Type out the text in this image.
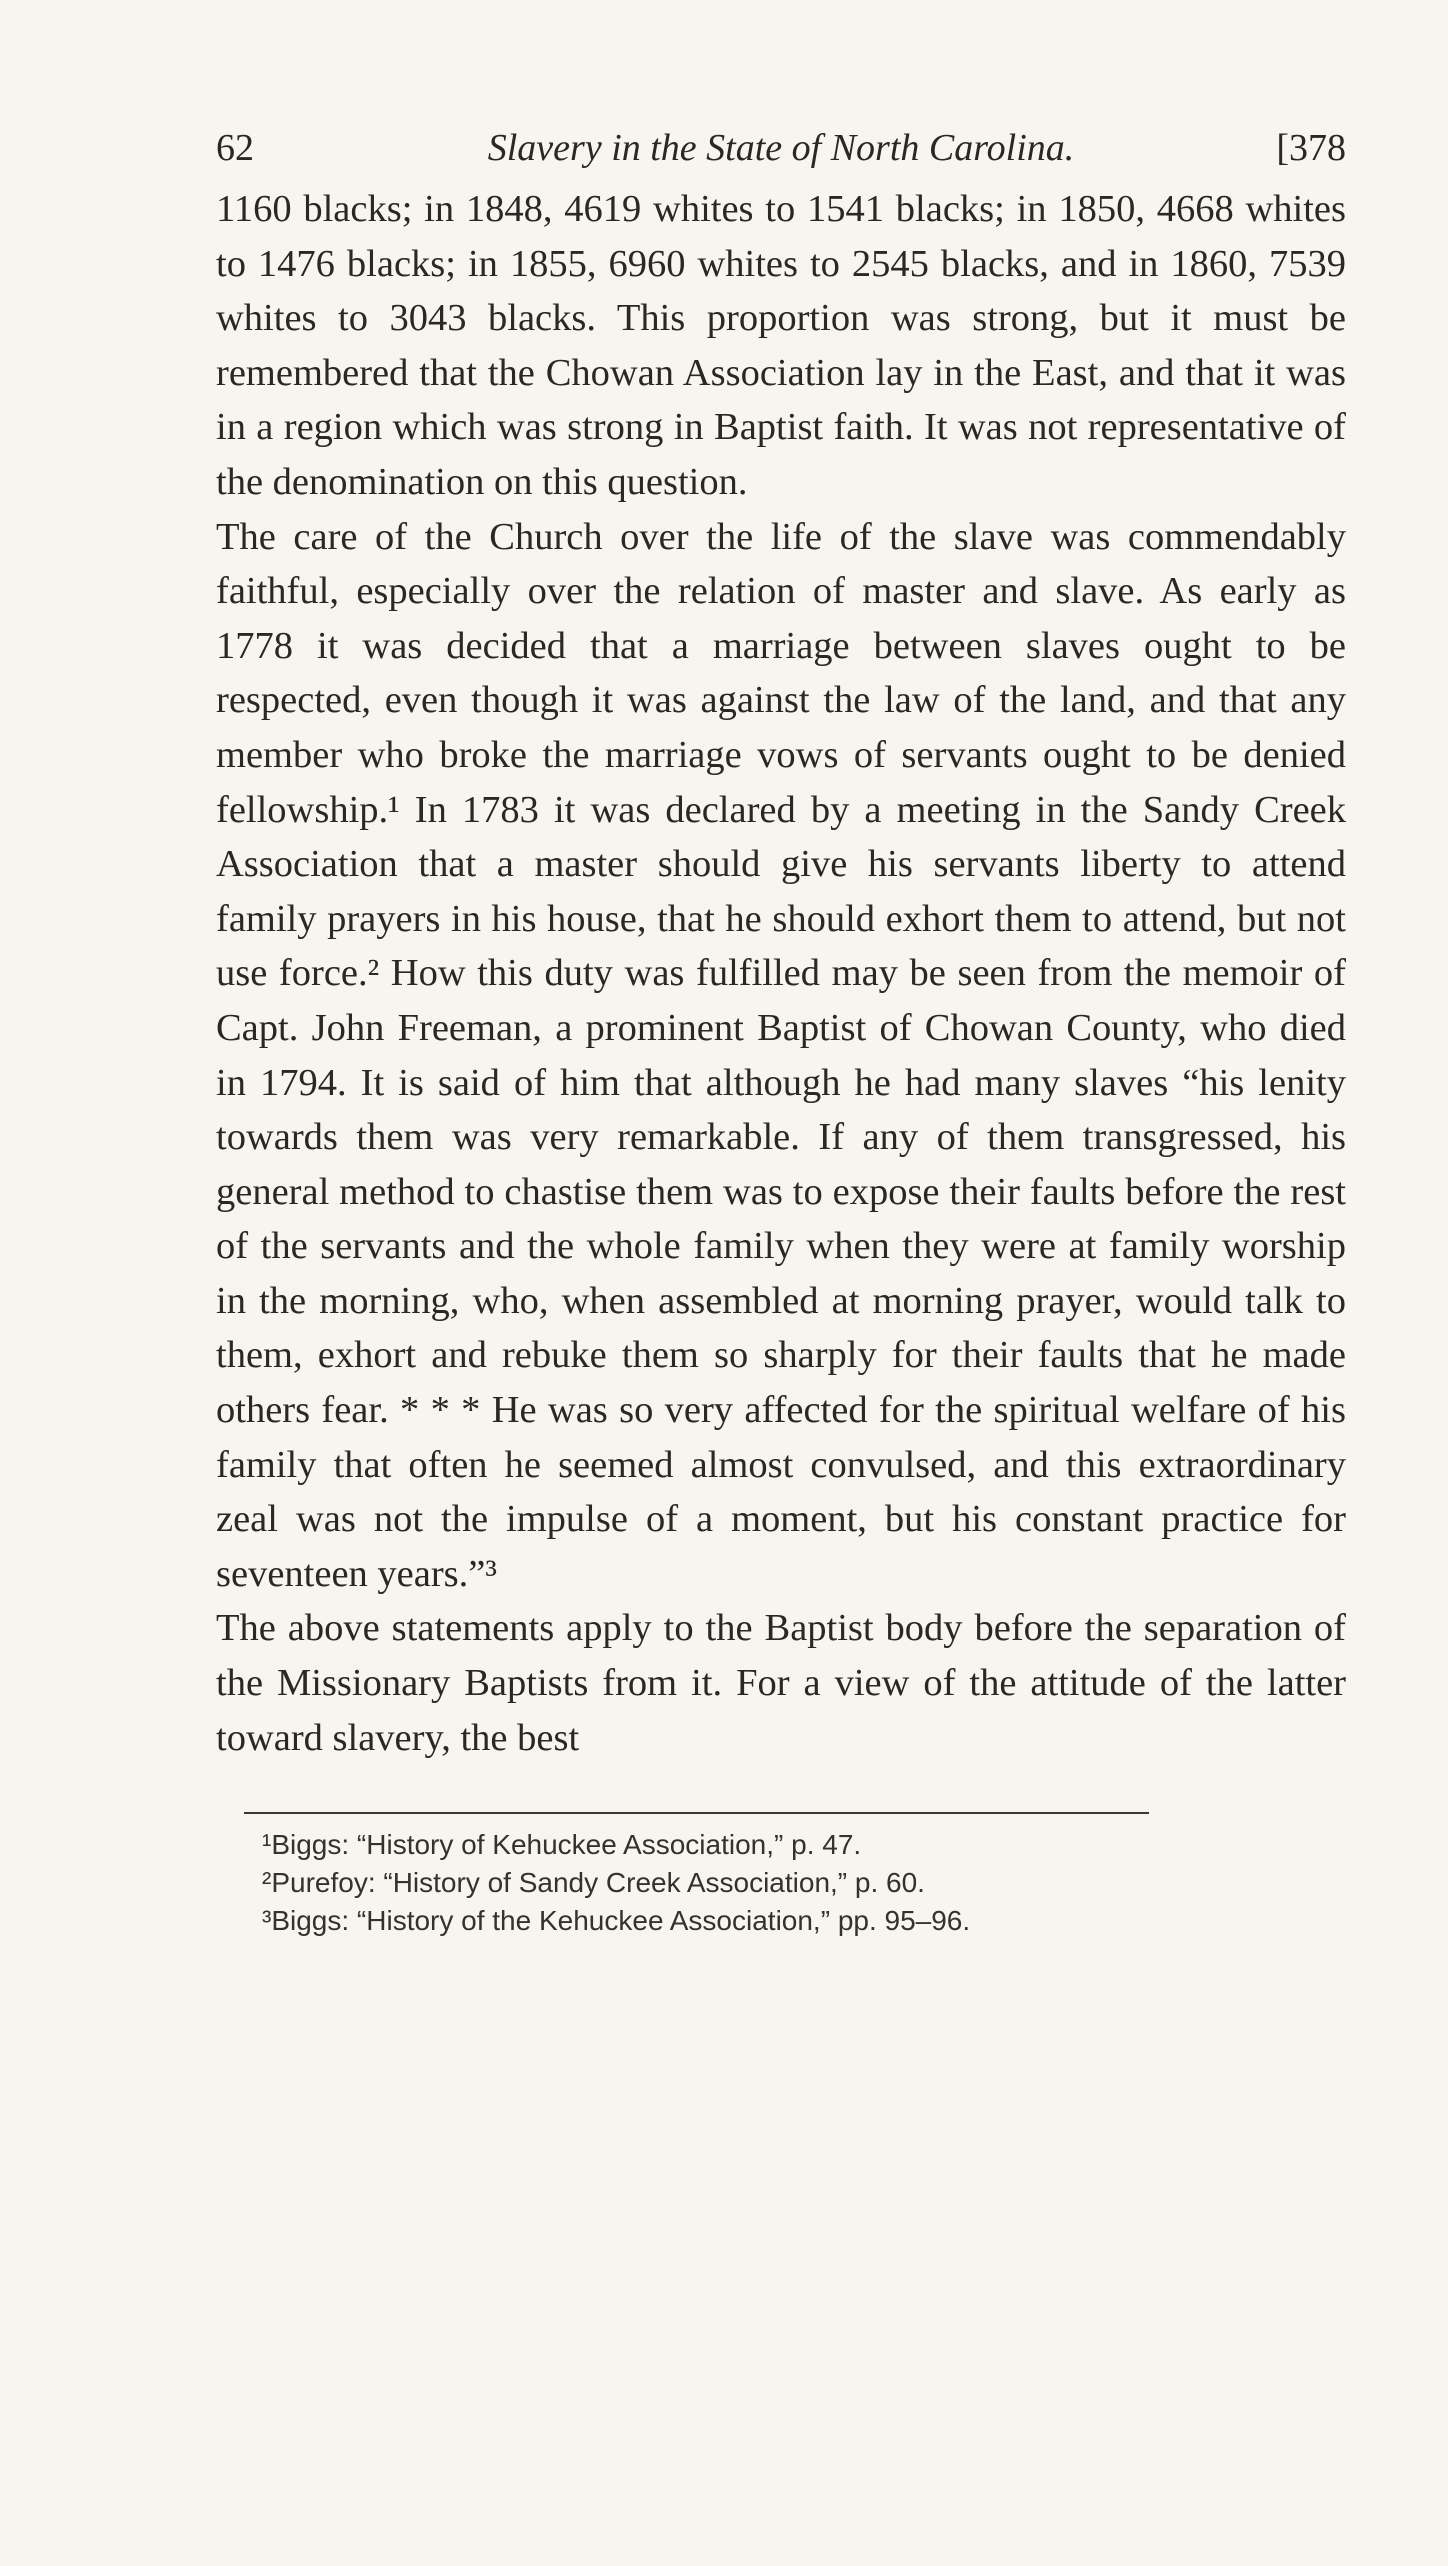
62	Slavery in the State of North Carolina.	[378

1160 blacks; in 1848, 4619 whites to 1541 blacks; in 1850, 4668 whites to 1476 blacks; in 1855, 6960 whites to 2545 blacks, and in 1860, 7539 whites to 3043 blacks. This proportion was strong, but it must be remembered that the Chowan Association lay in the East, and that it was in a region which was strong in Baptist faith. It was not representative of the denomination on this question.

The care of the Church over the life of the slave was commendably faithful, especially over the relation of master and slave. As early as 1778 it was decided that a marriage between slaves ought to be respected, even though it was against the law of the land, and that any member who broke the marriage vows of servants ought to be denied fellowship.¹ In 1783 it was declared by a meeting in the Sandy Creek Association that a master should give his servants liberty to attend family prayers in his house, that he should exhort them to attend, but not use force.² How this duty was fulfilled may be seen from the memoir of Capt. John Freeman, a prominent Baptist of Chowan County, who died in 1794. It is said of him that although he had many slaves “his lenity towards them was very remarkable. If any of them transgressed, his general method to chastise them was to expose their faults before the rest of the servants and the whole family when they were at family worship in the morning, who, when assembled at morning prayer, would talk to them, exhort and rebuke them so sharply for their faults that he made others fear. * * * He was so very affected for the spiritual welfare of his family that often he seemed almost convulsed, and this extraordinary zeal was not the impulse of a moment, but his constant practice for seventeen years.”³

The above statements apply to the Baptist body before the separation of the Missionary Baptists from it. For a view of the attitude of the latter toward slavery, the best

¹Biggs: “History of Kehuckee Association,” p. 47.

²Purefoy: “History of Sandy Creek Association,” p. 60.

³Biggs: “History of the Kehuckee Association,” pp. 95–96.
